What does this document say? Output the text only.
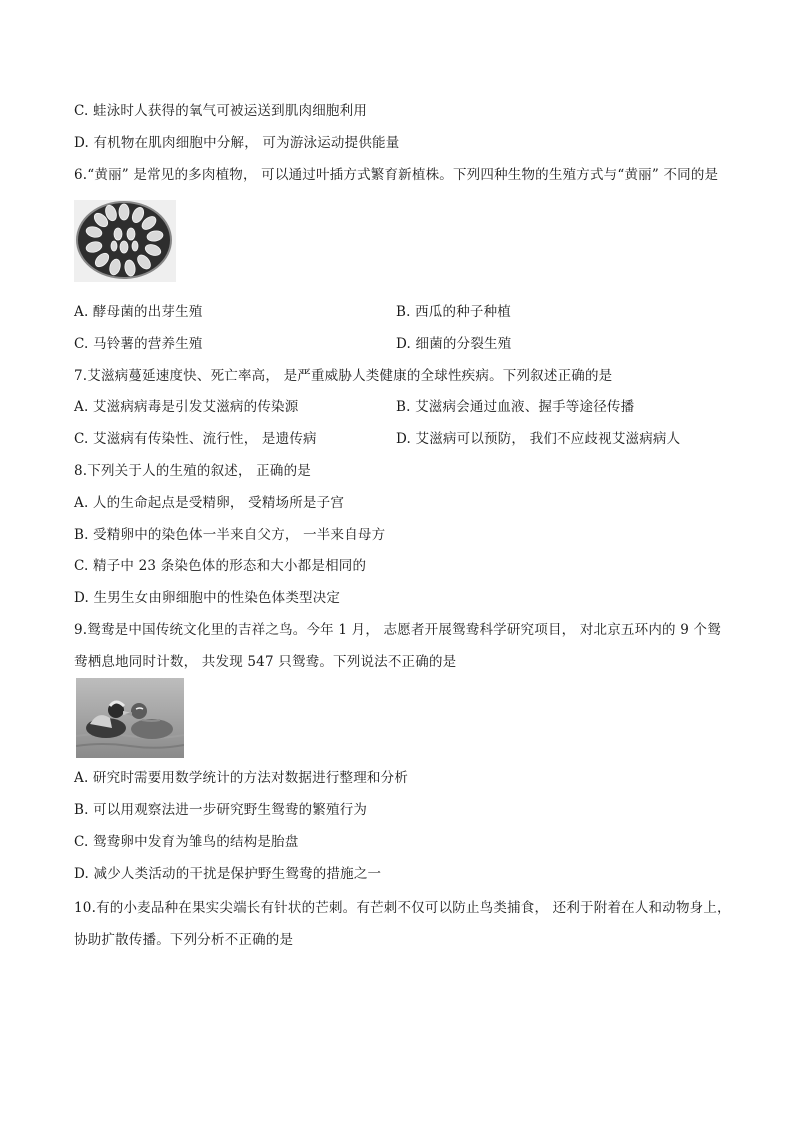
C. 蛙泳时人获得的氧气可被运送到肌肉细胞利用
D. 有机物在肌肉细胞中分解， 可为游泳运动提供能量
6.“黄丽” 是常见的多肉植物， 可以通过叶插方式繁育新植株。下列四种生物的生殖方式与“黄丽” 不同的是
A. 酵母菌的出芽生殖	B. 西瓜的种子种植
C. 马铃薯的营养生殖	D. 细菌的分裂生殖
7.艾滋病蔓延速度快、死亡率高， 是严重威胁人类健康的全球性疾病。下列叙述正确的是
A. 艾滋病病毒是引发艾滋病的传染源	B. 艾滋病会通过血液、握手等途径传播
C. 艾滋病有传染性、流行性， 是遗传病	D. 艾滋病可以预防， 我们不应歧视艾滋病病人
8.下列关于人的生殖的叙述， 正确的是
A. 人的生命起点是受精卵， 受精场所是子宫
B. 受精卵中的染色体一半来自父方， 一半来自母方
C. 精子中 23 条染色体的形态和大小都是相同的
D. 生男生女由卵细胞中的性染色体类型决定
9.鸳鸯是中国传统文化里的吉祥之鸟。今年 1 月， 志愿者开展鸳鸯科学研究项目， 对北京五环内的 9 个鸳
鸯栖息地同时计数， 共发现 547 只鸳鸯。下列说法不正确的是
A. 研究时需要用数学统计的方法对数据进行整理和分析
B. 可以用观察法进一步研究野生鸳鸯的繁殖行为
C. 鸳鸯卵中发育为雏鸟的结构是胎盘
D. 减少人类活动的干扰是保护野生鸳鸯的措施之一
10.有的小麦品种在果实尖端长有针状的芒刺。有芒刺不仅可以防止鸟类捕食， 还利于附着在人和动物身上，
协助扩散传播。下列分析不正确的是
